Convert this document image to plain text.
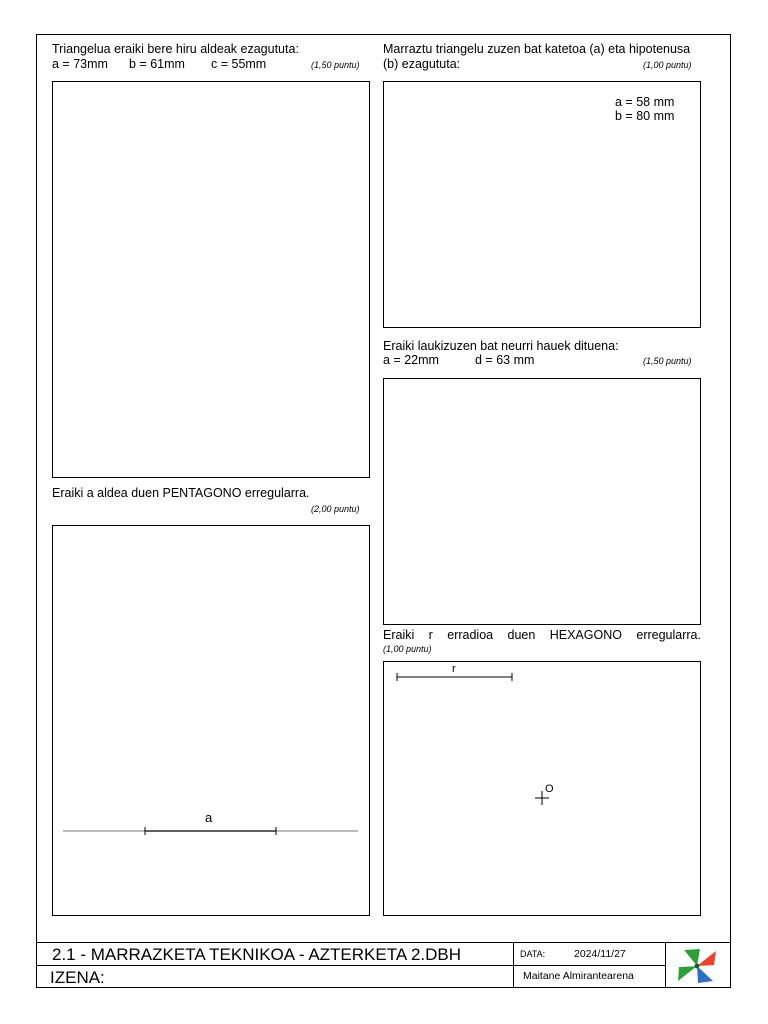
Triangelua eraiki bere hiru aldeak ezagututa:
a = 73mm b = 61mm c = 55mm	(1,50 puntu)
Marraztu triangelu zuzen bat katetoa (a) eta hipotenusa
(b) ezagututa:	(1,00 puntu)
a = 58 mm
b = 80 mm
Eraiki laukizuzen bat neurri hauek dituena:
a = 22mm	d = 63 mm	(1,50 puntu)
Eraiki a aldea duen PENTAGONO erregularra.
(2,00 puntu)
a
Eraiki r erradioa duen HEXAGONO erregularra.
(1,00 puntu)
r
O
2.1 - MARRAZKETA TEKNIKOA - AZTERKETA 2.DBH
IZENA:
DATA:	2024/11/27
Maitane Almirantearena
